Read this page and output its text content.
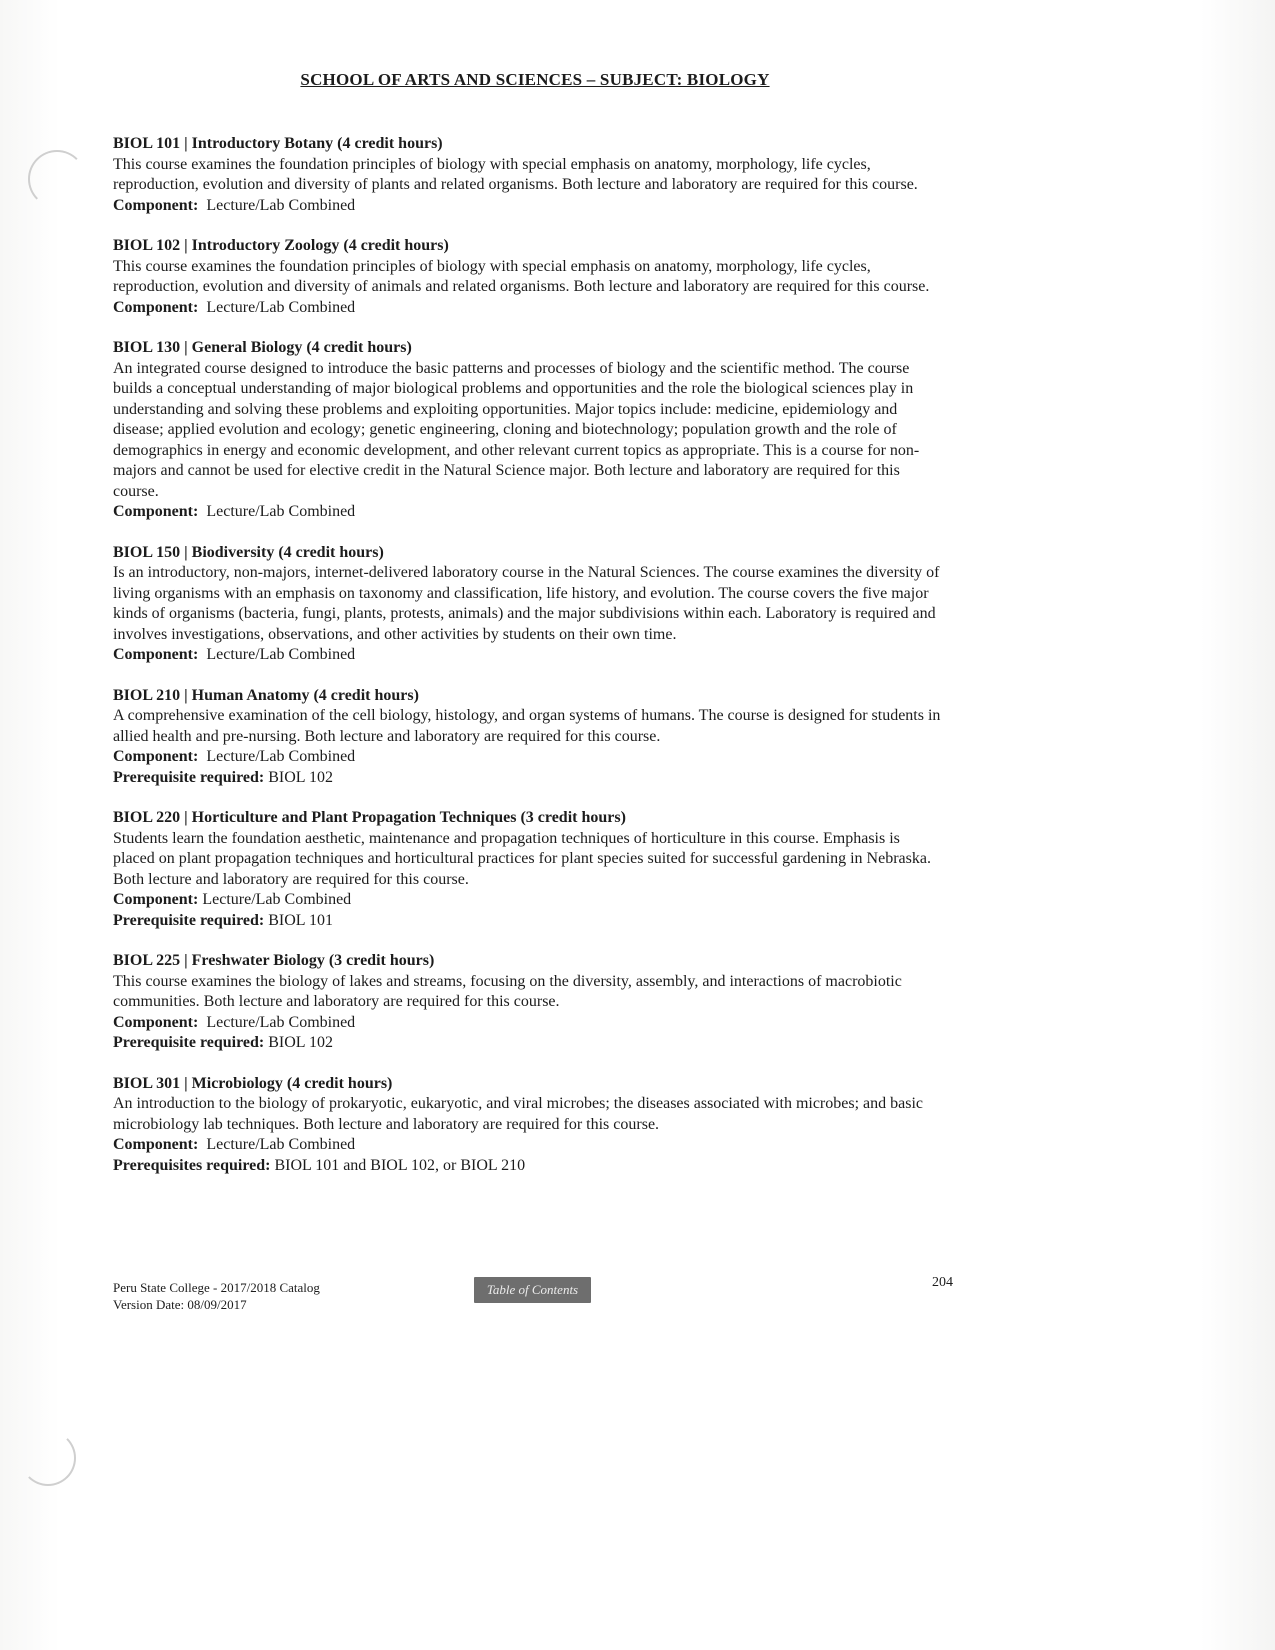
SCHOOL OF ARTS AND SCIENCES – SUBJECT: BIOLOGY
BIOL 101 | Introductory Botany (4 credit hours)

This course examines the foundation principles of biology with special emphasis on anatomy, morphology, life cycles, reproduction, evolution and diversity of plants and related organisms. Both lecture and laboratory are required for this course.

Component: Lecture/Lab Combined
BIOL 102 | Introductory Zoology (4 credit hours)

This course examines the foundation principles of biology with special emphasis on anatomy, morphology, life cycles, reproduction, evolution and diversity of animals and related organisms. Both lecture and laboratory are required for this course.

Component: Lecture/Lab Combined
BIOL 130 | General Biology (4 credit hours)

An integrated course designed to introduce the basic patterns and processes of biology and the scientific method. The course builds a conceptual understanding of major biological problems and opportunities and the role the biological sciences play in understanding and solving these problems and exploiting opportunities. Major topics include: medicine, epidemiology and disease; applied evolution and ecology; genetic engineering, cloning and biotechnology; population growth and the role of demographics in energy and economic development, and other relevant current topics as appropriate. This is a course for non-majors and cannot be used for elective credit in the Natural Science major. Both lecture and laboratory are required for this course.

Component: Lecture/Lab Combined
BIOL 150 | Biodiversity (4 credit hours)

Is an introductory, non-majors, internet-delivered laboratory course in the Natural Sciences. The course examines the diversity of living organisms with an emphasis on taxonomy and classification, life history, and evolution. The course covers the five major kinds of organisms (bacteria, fungi, plants, protests, animals) and the major subdivisions within each. Laboratory is required and involves investigations, observations, and other activities by students on their own time.

Component: Lecture/Lab Combined
BIOL 210 | Human Anatomy (4 credit hours)

A comprehensive examination of the cell biology, histology, and organ systems of humans. The course is designed for students in allied health and pre-nursing. Both lecture and laboratory are required for this course.

Component: Lecture/Lab Combined
Prerequisite required: BIOL 102
BIOL 220 | Horticulture and Plant Propagation Techniques (3 credit hours)

Students learn the foundation aesthetic, maintenance and propagation techniques of horticulture in this course. Emphasis is placed on plant propagation techniques and horticultural practices for plant species suited for successful gardening in Nebraska. Both lecture and laboratory are required for this course.

Component: Lecture/Lab Combined
Prerequisite required: BIOL 101
BIOL 225 | Freshwater Biology (3 credit hours)

This course examines the biology of lakes and streams, focusing on the diversity, assembly, and interactions of macrobiotic communities. Both lecture and laboratory are required for this course.

Component: Lecture/Lab Combined
Prerequisite required: BIOL 102
BIOL 301 | Microbiology (4 credit hours)

An introduction to the biology of prokaryotic, eukaryotic, and viral microbes; the diseases associated with microbes; and basic microbiology lab techniques. Both lecture and laboratory are required for this course.

Component: Lecture/Lab Combined
Prerequisites required: BIOL 101 and BIOL 102, or BIOL 210
Peru State College - 2017/2018 Catalog
Version Date: 08/09/2017
Table of Contents	204
